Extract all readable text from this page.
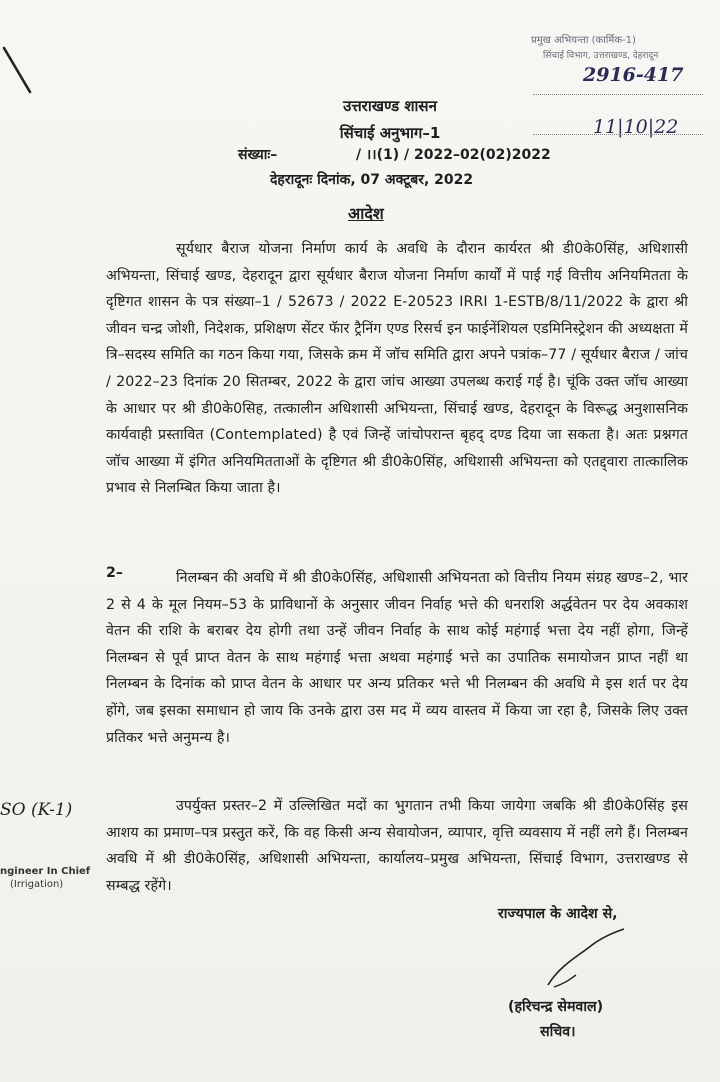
प्रमुख अभियन्ता (कार्मिक-1)
सिंचाई विभाग, उत्तराखण्ड, देहरादून
2916-417
11|10|22
उत्तराखण्ड शासन
सिंचाई अनुभाग–1
संख्याः–	/ ।।(1) / 2022–02(02)2022
देहरादूनः दिनांक, 07 अक्टूबर, 2022
आदेश
सूर्यधार बैराज योजना निर्माण कार्य के अवधि के दौरान कार्यरत श्री डी0के0सिंह, अधिशासी अभियन्ता, सिंचाई खण्ड, देहरादून द्वारा सूर्यधार बैराज योजना निर्माण कार्यों में पाई गई वित्तीय अनियमितता के दृष्टिगत शासन के पत्र संख्या–1 / 52673 / 2022 E-20523 IRRI 1-ESTB/8/11/2022 के द्वारा श्री जीवन चन्द्र जोशी, निदेशक, प्रशिक्षण सेंटर फॅार ट्रैनिंग एण्ड रिसर्च इन फाईनेंशियल एडमिनिस्ट्रेशन की अध्यक्षता में त्रि–सदस्य समिति का गठन किया गया, जिसके क्रम में जॉच समिति द्वारा अपने पत्रांक–77 / सूर्यधार बैराज / जांच / 2022–23 दिनांक 20 सितम्बर, 2022 के द्वारा जांच आख्या उपलब्ध कराई गई है। चूंकि उक्त जॉच आख्या के आधार पर श्री डी0के0सिह, तत्कालीन अधिशासी अभियन्ता, सिंचाई खण्ड, देहरादून के विरूद्ध अनुशासनिक कार्यवाही प्रस्तावित (Contemplated) है एवं जिन्हें जांचोपरान्त बृहद् दण्ड दिया जा सकता है। अतः प्रश्नगत जॉच आख्या में इंगित अनियमितताओं के दृष्टिगत श्री डी0के0सिंह, अधिशासी अभियन्ता को एतद्द्वारा तात्कालिक प्रभाव से निलम्बित किया जाता है।
2–	निलम्बन की अवधि में श्री डी0के0सिंह, अधिशासी अभियनता को वित्तीय नियम संग्रह खण्ड–2, भार 2 से 4 के मूल नियम–53 के प्राविधानों के अनुसार जीवन निर्वाह भत्ते की धनराशि अर्द्धवेतन पर देय अवकाश वेतन की राशि के बराबर देय होगी तथा उन्हें जीवन निर्वाह के साथ कोई महंगाई भत्ता देय नहीं होगा, जिन्हें निलम्बन से पूर्व प्राप्त वेतन के साथ महंगाई भत्ता अथवा महंगाई भत्ते का उपातिक समायोजन प्राप्त नहीं था निलम्बन के दिनांक को प्राप्त वेतन के आधार पर अन्य प्रतिकर भत्ते भी निलम्बन की अवधि मे इस शर्त पर देय होंगे, जब इसका समाधान हो जाय कि उनके द्वारा उस मद में व्यय वास्तव में किया जा रहा है, जिसके लिए उक्त प्रतिकर भत्ते अनुमन्य है।
उपर्युक्त प्रस्तर–2 में उल्लिखित मदों का भुगतान तभी किया जायेगा जबकि श्री डी0के0सिंह इस आशय का प्रमाण–पत्र प्रस्तुत करें, कि वह किसी अन्य सेवायोजन, व्यापार, वृत्ति व्यवसाय में नहीं लगे हैं। निलम्बन अवधि में श्री डी0के0सिंह, अधिशासी अभियन्ता, कार्यालय–प्रमुख अभियन्ता, सिंचाई विभाग, उत्तराखण्ड से सम्बद्ध रहेंगे।
राज्यपाल के आदेश से,
(हरिचन्द्र सेमवाल)
सचिव।
SO (K-1)
ngineer In Chief
(Irrigation)
